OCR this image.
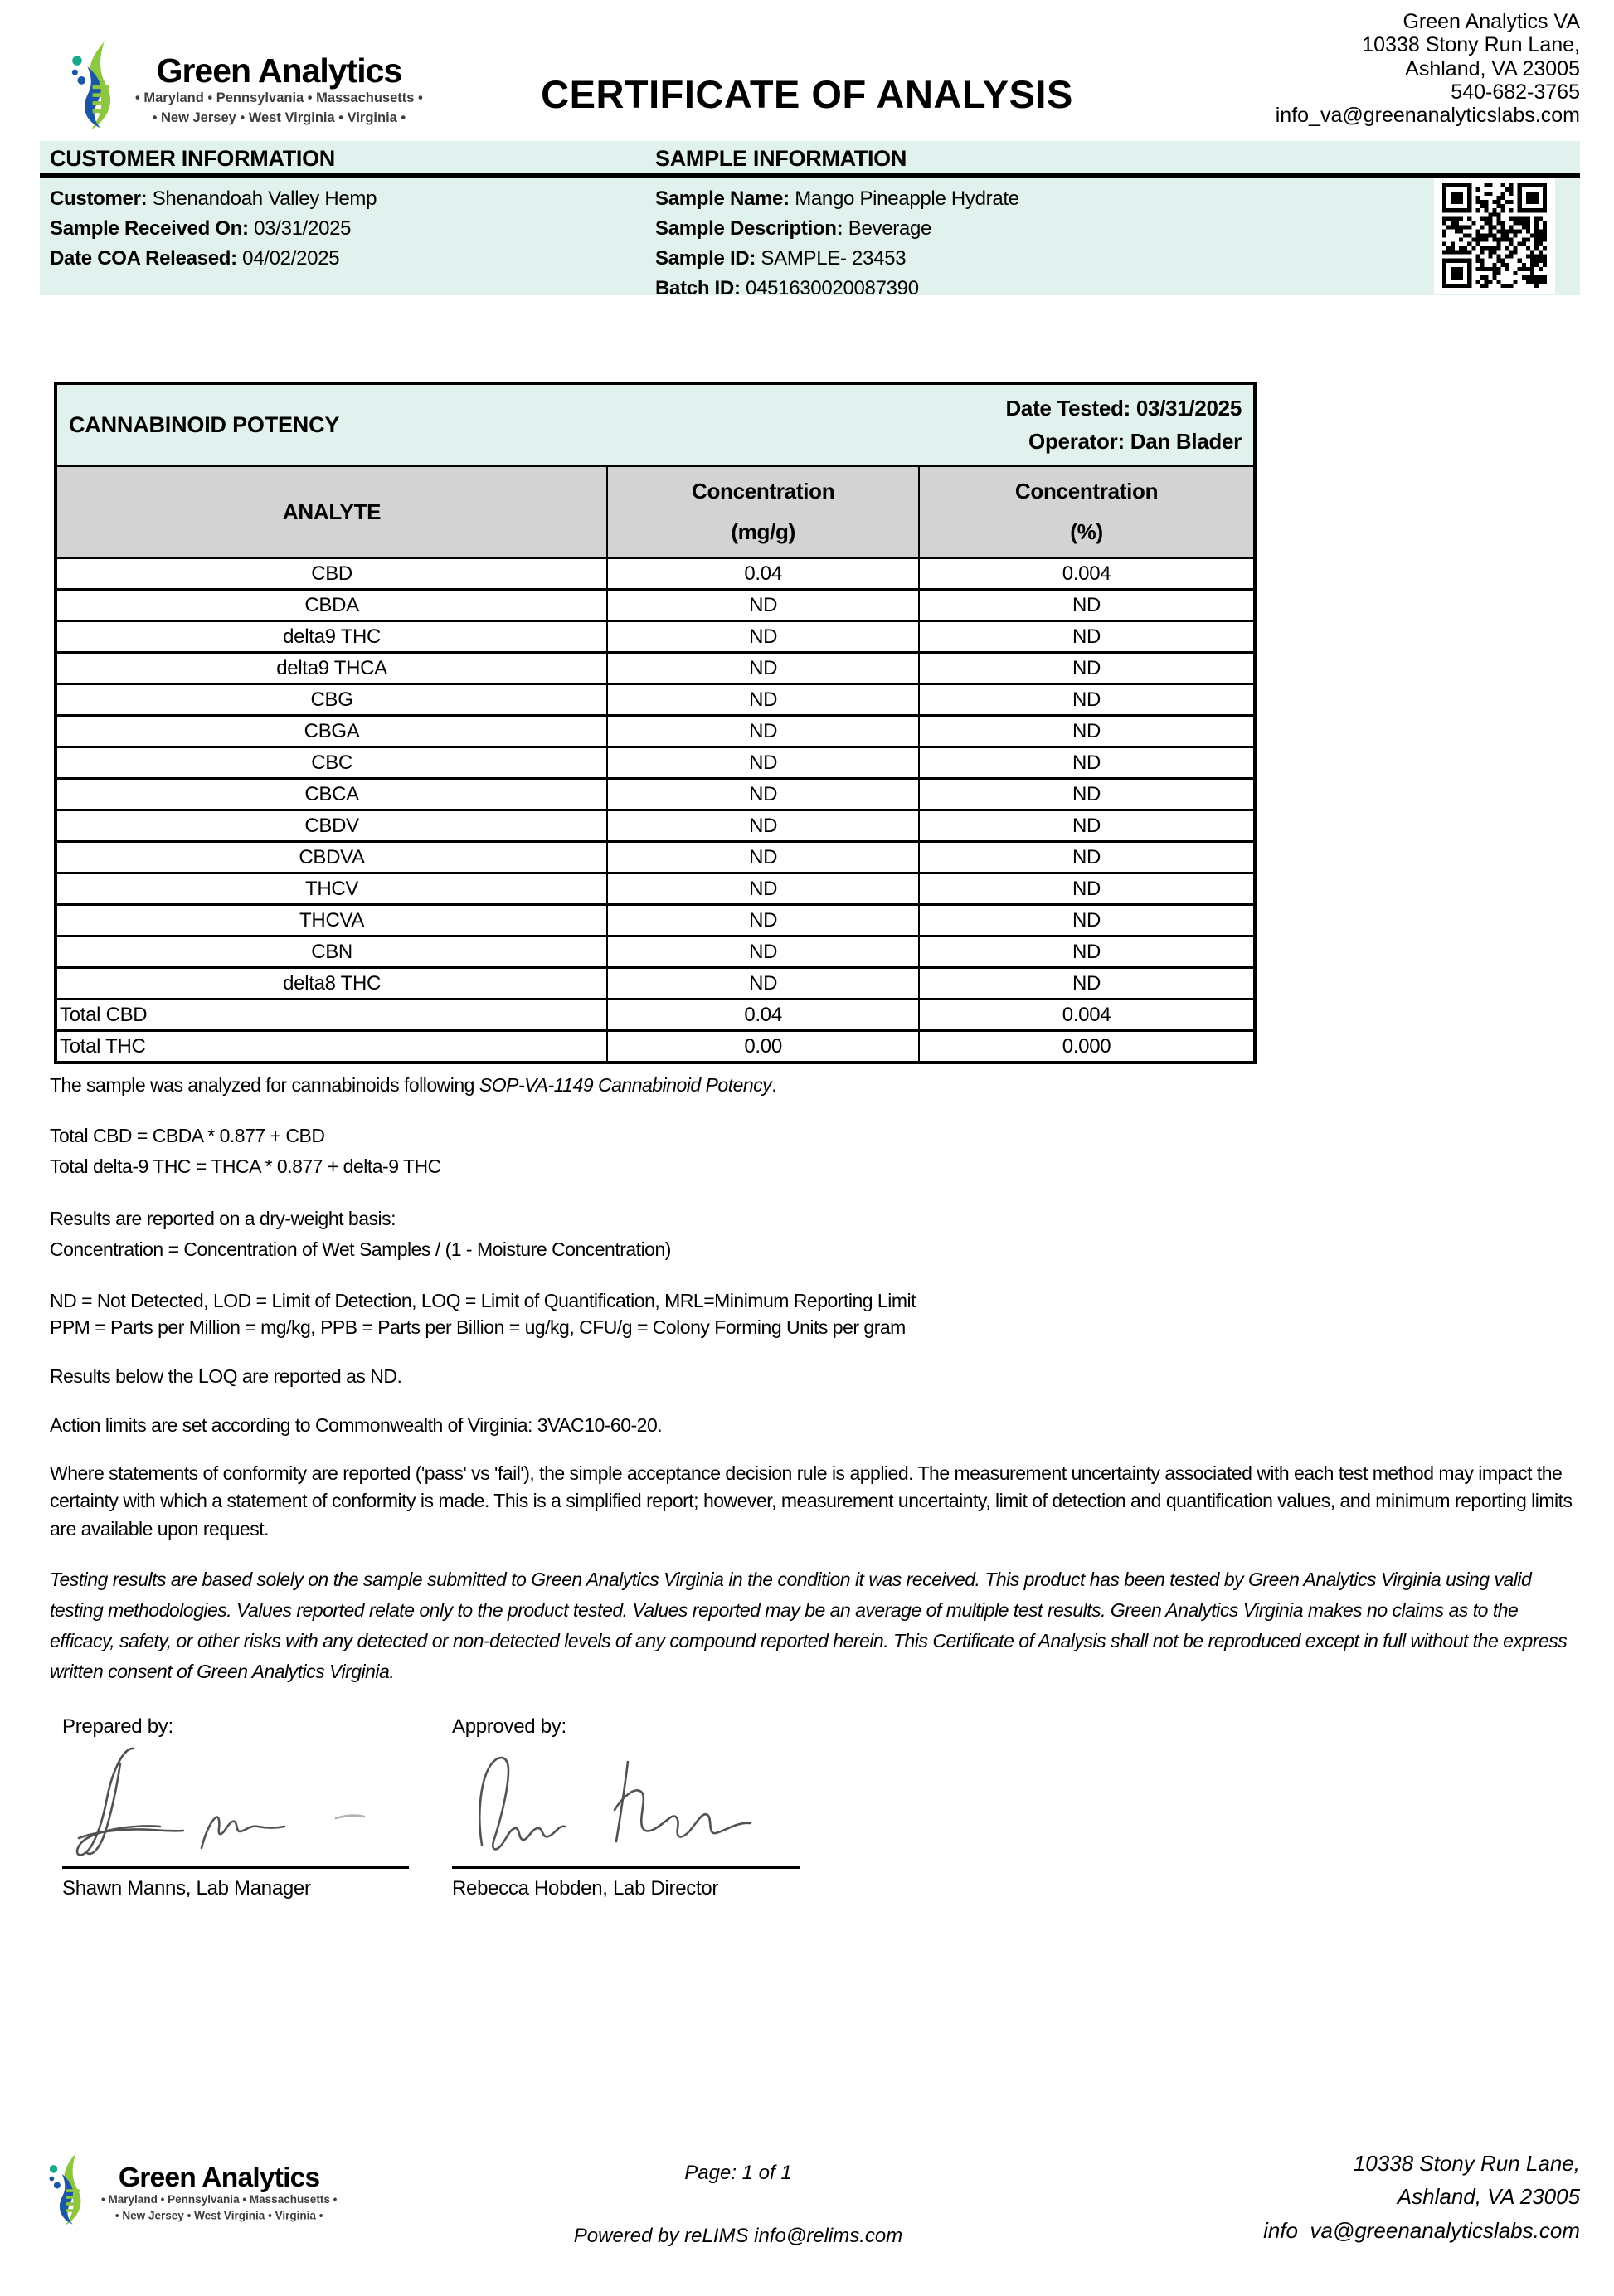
Green Analytics
• Maryland • Pennsylvania • Massachusetts •
• New Jersey • West Virginia • Virginia •
CERTIFICATE OF ANALYSIS
Green Analytics VA
10338 Stony Run Lane,
Ashland, VA 23005
540-682-3765
info_va@greenanalyticslabs.com
CUSTOMER INFORMATION	SAMPLE INFORMATION
Customer: Shenandoah Valley Hemp
Sample Received On: 03/31/2025
Date COA Released: 04/02/2025
Sample Name: Mango Pineapple Hydrate
Sample Description: Beverage
Sample ID: SAMPLE- 23453
Batch ID: 0451630020087390
CANNABINOID POTENCY
Date Tested: 03/31/2025
Operator: Dan Blader		

ANALYTE

Concentration
(mg/g)

Concentration
(%)

CBD	0.04	0.004
CBDA	ND	ND
delta9 THC	ND	ND
delta9 THCA	ND	ND
CBG	ND	ND
CBGA	ND	ND
CBC	ND	ND
CBCA	ND	ND
CBDV	ND	ND
CBDVA	ND	ND
THCV	ND	ND
THCVA	ND	ND
CBN	ND	ND
delta8 THC	ND	ND
Total CBD	0.04	0.004
Total THC	0.00	0.000

The sample was analyzed for cannabinoids following SOP-VA-1149 Cannabinoid Potency.

Total CBD = CBDA * 0.877 + CBD
Total delta-9 THC = THCA * 0.877 + delta-9 THC

Results are reported on a dry-weight basis:
Concentration = Concentration of Wet Samples / (1 - Moisture Concentration)

ND = Not Detected, LOD = Limit of Detection, LOQ = Limit of Quantification, MRL=Minimum Reporting Limit
PPM = Parts per Million = mg/kg, PPB = Parts per Billion = ug/kg, CFU/g = Colony Forming Units per gram

Results below the LOQ are reported as ND.

Action limits are set according to Commonwealth of Virginia: 3VAC10-60-20.

Where statements of conformity are reported ('pass' vs 'fail'), the simple acceptance decision rule is applied. The measurement uncertainty associated with each test method may impact the certainty with which a statement of conformity is made. This is a simplified report; however, measurement uncertainty, limit of detection and quantification values, and minimum reporting limits are available upon request.

Testing results are based solely on the sample submitted to Green Analytics Virginia in the condition it was received. This product has been tested by Green Analytics Virginia using valid testing methodologies. Values reported relate only to the product tested. Values reported may be an average of multiple test results. Green Analytics Virginia makes no claims as to the efficacy, safety, or other risks with any detected or non-detected levels of any compound reported herein. This Certificate of Analysis shall not be reproduced except in full without the express written consent of Green Analytics Virginia.

Prepared by:
Shawn Manns, Lab Manager
Approved by:
Rebecca Hobden, Lab Director
Green Analytics
• Maryland • Pennsylvania • Massachusetts •
• New Jersey • West Virginia • Virginia •
Page: 1 of 1
Powered by reLIMS info@relims.com
10338 Stony Run Lane,
Ashland, VA 23005
info_va@greenanalyticslabs.com
